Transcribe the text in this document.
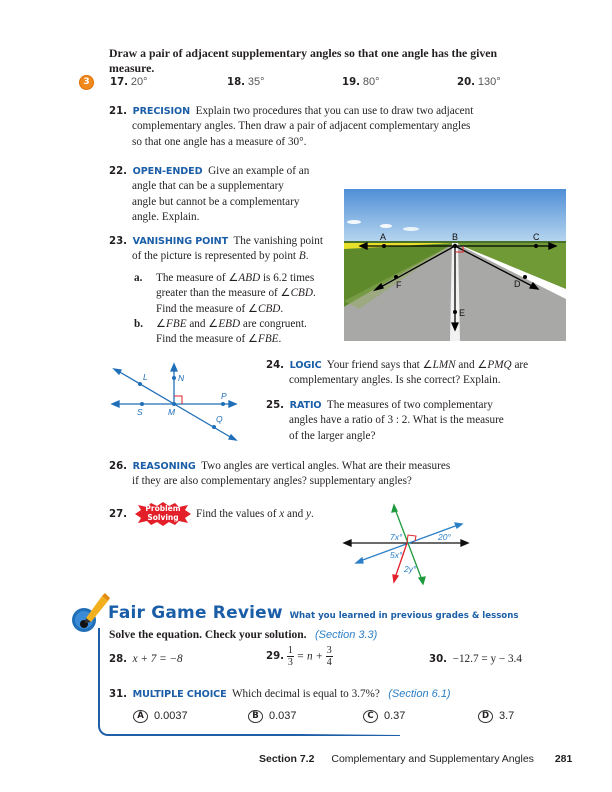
Draw a pair of adjacent supplementary angles so that one angle has the given
measure.
3	17. 20°	18. 35°	19. 80°	20. 130°
21. PRECISION Explain two procedures that you can use to draw two adjacent
complementary angles. Then draw a pair of adjacent complementary angles
so that one angle has a measure of 30°.
22. OPEN-ENDED Give an example of an
angle that can be a supplementary
angle but cannot be a complementary
angle. Explain.
23. VANISHING POINT The vanishing point
of the picture is represented by point B.
a.	The measure of ∠ABD is 6.2 times
greater than the measure of ∠CBD.
Find the measure of ∠CBD.
b.	∠FBE and ∠EBD are congruent.
Find the measure of ∠FBE.
A	B	C
F	D
E
L	N
P
S	M
Q
24. LOGIC Your friend says that ∠LMN and ∠PMQ are
complementary angles. Is she correct? Explain.
25. RATIO The measures of two complementary
angles have a ratio of 3 : 2. What is the measure
of the larger angle?
26. REASONING Two angles are vertical angles. What are their measures
if they are also complementary angles? supplementary angles?
27.
Problem
Solving	Find the values of x and y.
7x°	20°
5x°
2y°
Fair Game Review What you learned in previous grades & lessons
Solve the equation. Check your solution. (Section 3.3)
28. x + 7 = −8	29. $\frac{1}{3} = n + \frac{3}{4}$	30. −12.7 = y − 3.4
31. MULTIPLE CHOICE Which decimal is equal to 3.7%? (Section 6.1)
A 0.0037	B 0.037	C 0.37	D 3.7
Section 7.2 Complementary and Supplementary Angles 281
